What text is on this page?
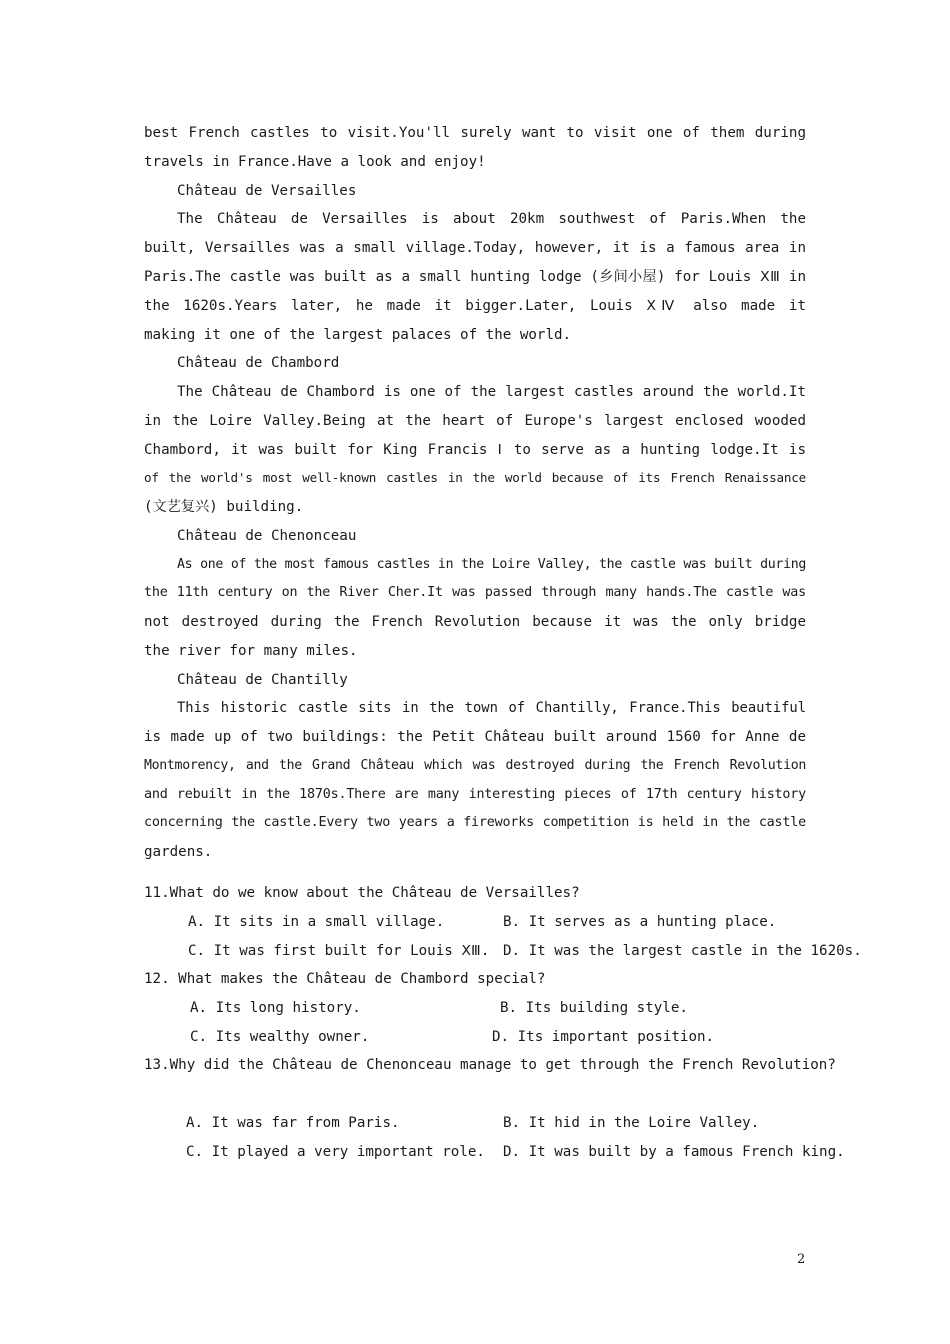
best French castles to visit.You'll surely want to visit one of them during
travels in France.Have a look and enjoy!
Château de Versailles
The Château de Versailles is about 20km southwest of Paris.When the
built, Versailles was a small village.Today, however, it is a famous area in
Paris.The castle was built as a small hunting lodge (乡间小屋) for Louis ⅩⅢ in
the 1620s.Years later, he made it bigger.Later, Louis ⅩⅣ also made it
making it one of the largest palaces of the world.
Château de Chambord
The Château de Chambord is one of the largest castles around the world.It
in the Loire Valley.Being at the heart of Europe's largest enclosed wooded
Chambord, it was built for King Francis Ⅰ to serve as a hunting lodge.It is
of the world's most well-known castles in the world because of its French Renaissance
(文艺复兴) building.
Château de Chenonceau
As one of the most famous castles in the Loire Valley, the castle was built during
the 11th century on the River Cher.It was passed through many hands.The castle was
not destroyed during the French Revolution because it was the only bridge
the river for many miles.
Château de Chantilly
This historic castle sits in the town of Chantilly, France.This beautiful
is made up of two buildings: the Petit Château built around 1560 for Anne de
Montmorency, and the Grand Château which was destroyed during the French Revolution
and rebuilt in the 1870s.There are many interesting pieces of 17th century history
concerning the castle.Every two years a fireworks competition is held in the castle
gardens.
11.What do we know about the Château de Versailles?
A. It sits in a small village.	B. It serves as a hunting place.
C. It was first built for Louis ⅩⅢ. D. It was the largest castle in the 1620s.
12. What makes the Château de Chambord special?
A. Its long history.	B. Its building style.
C. Its wealthy owner.	D. Its important position.
13.Why did the Château de Chenonceau manage to get through the French Revolution?
A. It was far from Paris.	B. It hid in the Loire Valley.
C. It played a very important role. D. It was built by a famous French king.
2
